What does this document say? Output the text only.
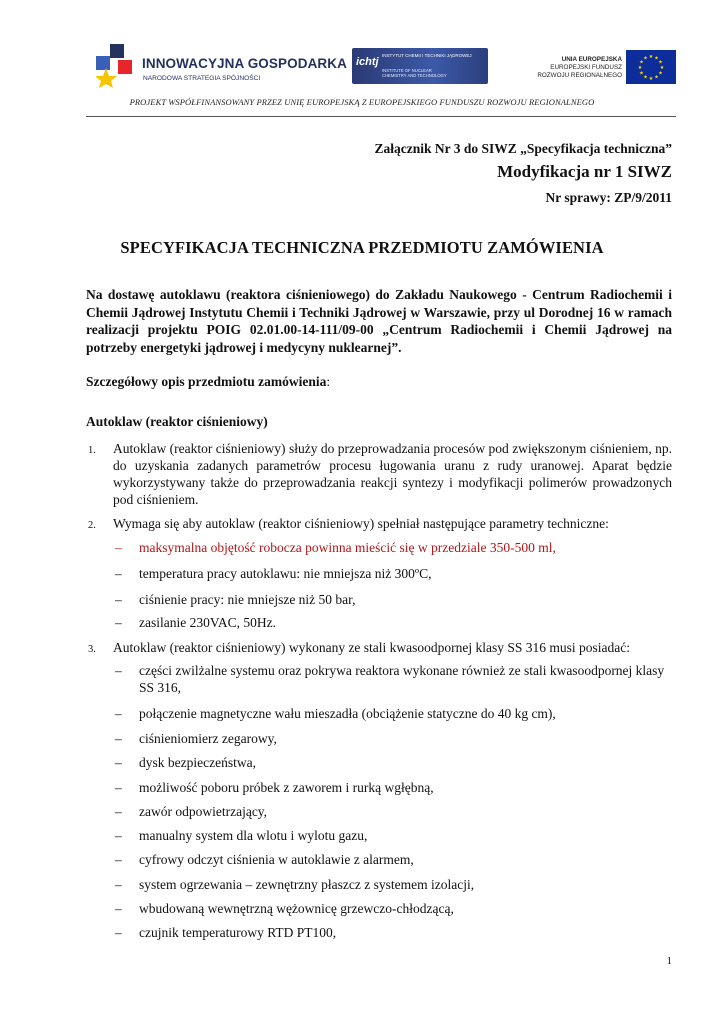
INNOWACYJNA GOSPODARKA
NARODOWA STRATEGIA SPÓJNOŚCI
ichtj
INSTYTUT CHEMII I TECHNIKI JĄDROWEJ
INSTITUTE OF NUCLEAR
CHEMISTRY AND TECHNOLOGY
UNIA EUROPEJSKA
EUROPEJSKI FUNDUSZ
ROZWOJU REGIONALNEGO
★ ★
★
★
★
★
★
★
★
★
★
★
PROJEKT WSPÓŁFINANSOWANY PRZEZ UNIĘ EUROPEJSKĄ Z EUROPEJSKIEGO FUNDUSZU ROZWOJU REGIONALNEGO
Załącznik Nr 3 do SIWZ „Specyfikacja techniczna”
Modyfikacja nr 1 SIWZ
Nr sprawy: ZP/9/2011
SPECYFIKACJA TECHNICZNA PRZEDMIOTU ZAMÓWIENIA
Na dostawę autoklawu (reaktora ciśnieniowego) do Zakładu Naukowego - Centrum Radiochemii i Chemii Jądrowej Instytutu Chemii i Techniki Jądrowej w Warszawie, przy ul Dorodnej 16 w ramach realizacji projektu POIG 02.01.00-14-111/09-00 „Centrum Radiochemii i Chemii Jądrowej na potrzeby energetyki jądrowej i medycyny nuklearnej”.
Szczegółowy opis przedmiotu zamówienia:
Autoklaw (reaktor ciśnieniowy)
1. Autoklaw (reaktor ciśnieniowy) służy do przeprowadzania procesów pod zwiększonym ciśnieniem, np. do uzyskania zadanych parametrów procesu ługowania uranu z rudy uranowej. Aparat będzie wykorzystywany także do przeprowadzania reakcji syntezy i modyfikacji polimerów prowadzonych pod ciśnieniem.
2. Wymaga się aby autoklaw (reaktor ciśnieniowy) spełniał następujące parametry techniczne:
– maksymalna objętość robocza powinna mieścić się w przedziale 350-500 ml,
– temperatura pracy autoklawu: nie mniejsza niż 300ºC,
– ciśnienie pracy: nie mniejsze niż 50 bar,
– zasilanie 230VAC, 50Hz.
3. Autoklaw (reaktor ciśnieniowy) wykonany ze stali kwasoodpornej klasy SS 316 musi posiadać:
– części zwilżalne systemu oraz pokrywa reaktora wykonane również ze stali kwasoodpornej klasy SS 316,
– połączenie magnetyczne wału mieszadła (obciążenie statyczne do 40 kg cm),
– ciśnieniomierz zegarowy,
– dysk bezpieczeństwa,
– możliwość poboru próbek z zaworem i rurką wgłębną,
– zawór odpowietrzający,
– manualny system dla wlotu i wylotu gazu,
– cyfrowy odczyt ciśnienia w autoklawie z alarmem,
– system ogrzewania – zewnętrzny płaszcz z systemem izolacji,
– wbudowaną wewnętrzną wężownicę grzewczo-chłodzącą,
– czujnik temperaturowy RTD PT100,
1
